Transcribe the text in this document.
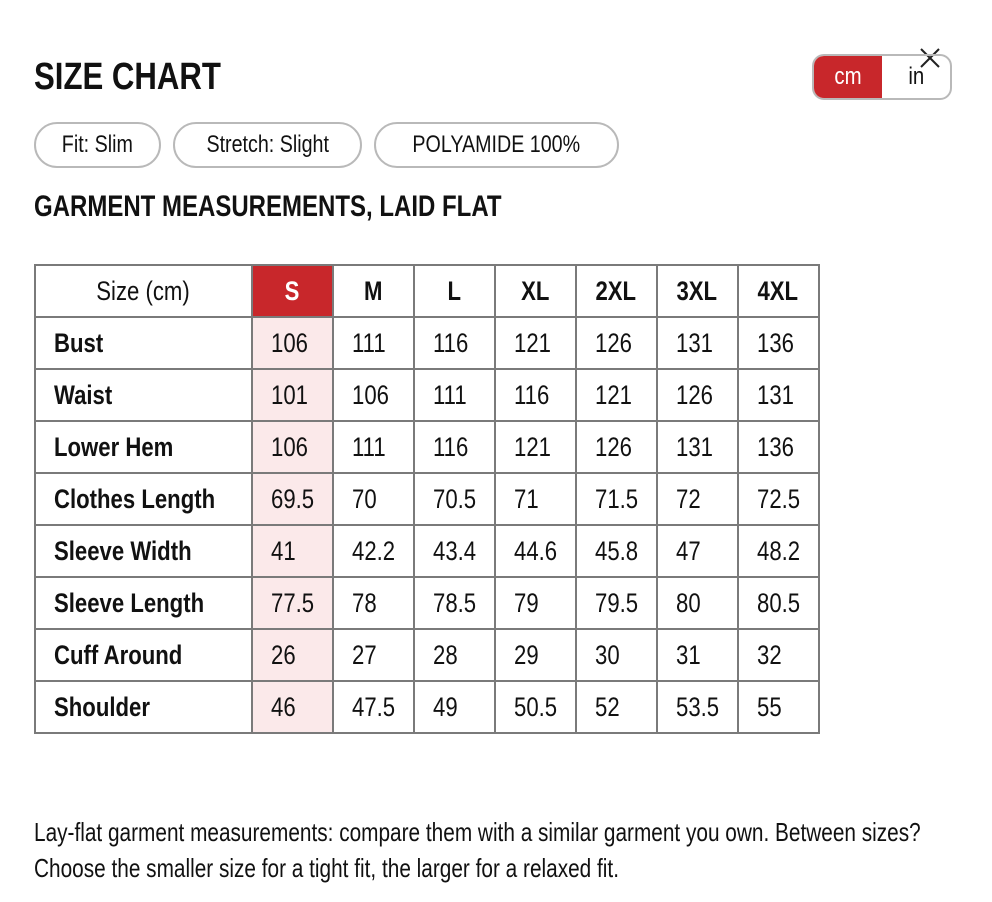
SIZE CHART	cm in
Fit: Slim	Stretch: Slight	POLYAMIDE 100%
GARMENT MEASUREMENTS, LAID FLAT
Size (cm)	S	M	L	XL	2XL	3XL	4XL
Bust	106	111	116	121	126	131	136
Waist	101	106	111	116	121	126	131
Lower Hem	106	111	116	121	126	131	136
Clothes Length	69.5	70	70.5	71	71.5	72	72.5
Sleeve Width	41	42.2	43.4	44.6	45.8	47	48.2
Sleeve Length	77.5	78	78.5	79	79.5	80	80.5
Cuff Around	26	27	28	29	30	31	32
Shoulder	46	47.5	49	50.5	52	53.5	55
Lay-flat garment measurements: compare them with a similar garment you own. Between sizes? Choose the smaller size for a tight fit, the larger for a relaxed fit.
